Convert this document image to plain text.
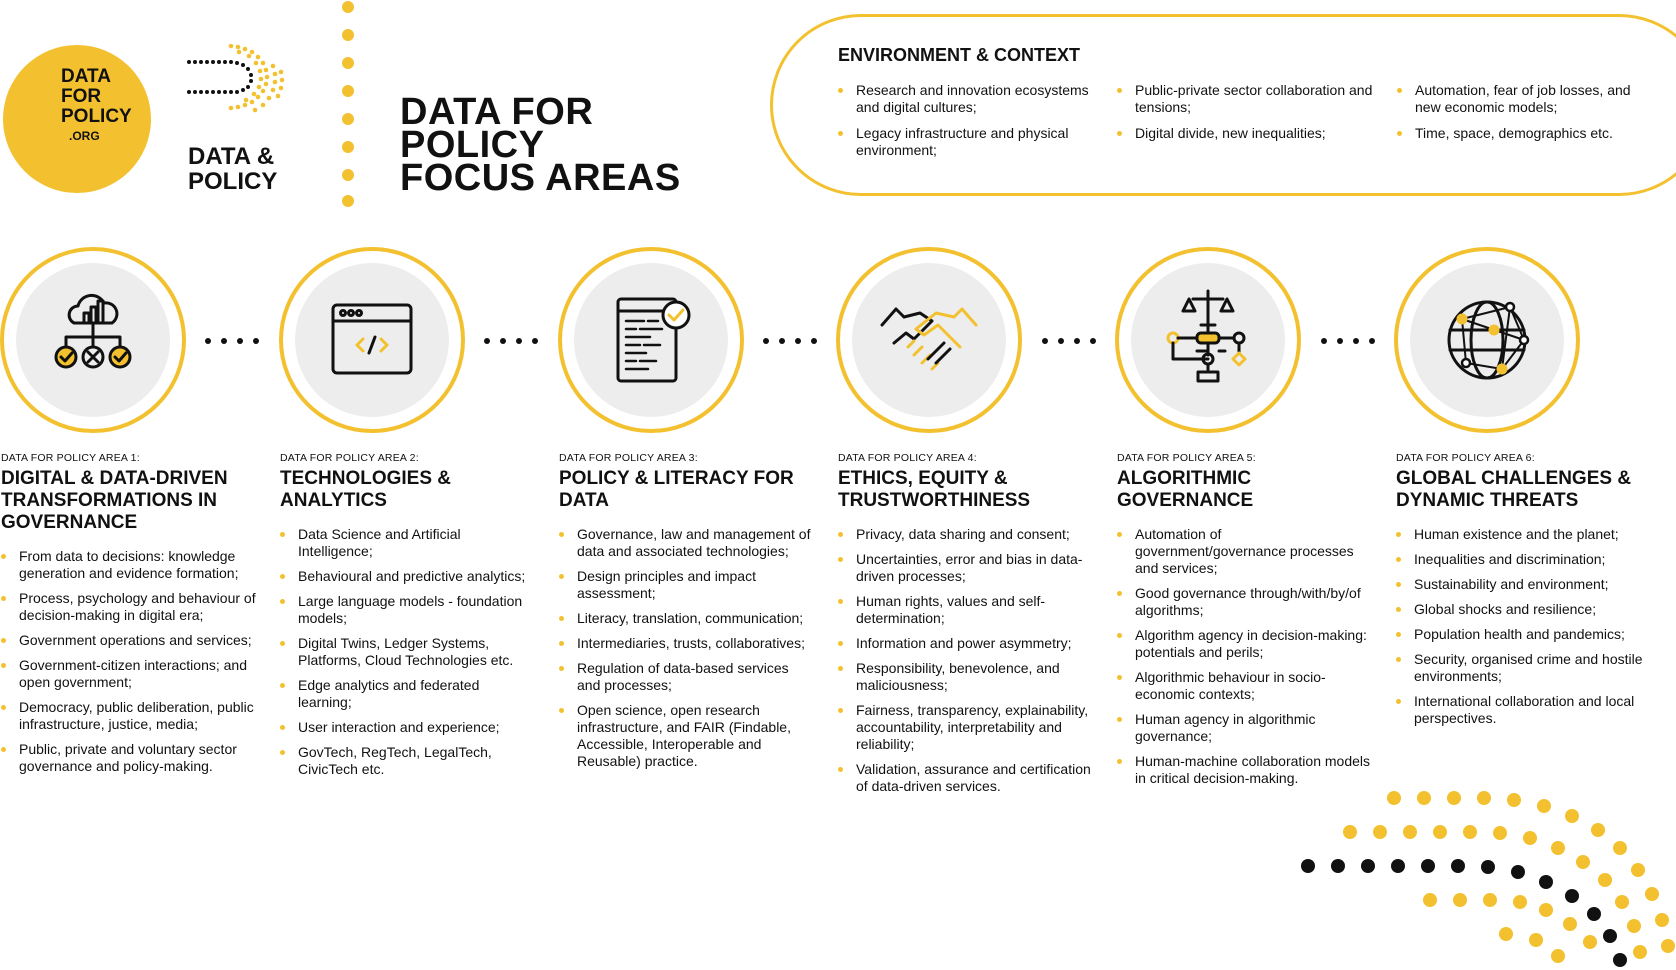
DATA
FOR
POLICY
.ORG
DATA &
POLICY
DATA FOR
POLICY
FOCUS AREAS
ENVIRONMENT & CONTEXT
Research and innovation ecosystems and digital cultures;
Legacy infrastructure and physical environment;
Public-private sector collaboration and tensions;
Digital divide, new inequalities;
Automation, fear of job losses, and new economic models;
Time, space, demographics etc.
DATA FOR POLICY AREA 1:
DIGITAL & DATA-DRIVEN TRANSFORMATIONS IN GOVERNANCE
From data to decisions: knowledge generation and evidence formation;
Process, psychology and behaviour of decision-making in digital era;
Government operations and services;
Government-citizen interactions; and open government;
Democracy, public deliberation, public infrastructure, justice, media;
Public, private and voluntary sector governance and policy-making.
DATA FOR POLICY AREA 2:
TECHNOLOGIES & ANALYTICS
Data Science and Artificial Intelligence;
Behavioural and predictive analytics;
Large language models - foundation models;
Digital Twins, Ledger Systems, Platforms, Cloud Technologies etc.
Edge analytics and federated learning;
User interaction and experience;
GovTech, RegTech, LegalTech, CivicTech etc.
DATA FOR POLICY AREA 3:
POLICY & LITERACY FOR DATA
Governance, law and management of data and associated technologies;
Design principles and impact assessment;
Literacy, translation, communication;
Intermediaries, trusts, collaboratives;
Regulation of data-based services and processes;
Open science, open research infrastructure, and FAIR (Findable, Accessible, Interoperable and Reusable) practice.
DATA FOR POLICY AREA 4:
ETHICS, EQUITY & TRUSTWORTHINESS
Privacy, data sharing and consent;
Uncertainties, error and bias in data-driven processes;
Human rights, values and self-determination;
Information and power asymmetry;
Responsibility, benevolence, and maliciousness;
Fairness, transparency, explainability, accountability, interpretability and reliability;
Validation, assurance and certification of data-driven services.
DATA FOR POLICY AREA 5:
ALGORITHMIC GOVERNANCE
Automation of government/governance processes and services;
Good governance through/with/by/of algorithms;
Algorithm agency in decision-making: potentials and perils;
Algorithmic behaviour in socio-economic contexts;
Human agency in algorithmic governance;
Human-machine collaboration models in critical decision-making.
DATA FOR POLICY AREA 6:
GLOBAL CHALLENGES & DYNAMIC THREATS
Human existence and the planet;
Inequalities and discrimination;
Sustainability and environment;
Global shocks and resilience;
Population health and pandemics;
Security, organised crime and hostile environments;
International collaboration and local perspectives.
